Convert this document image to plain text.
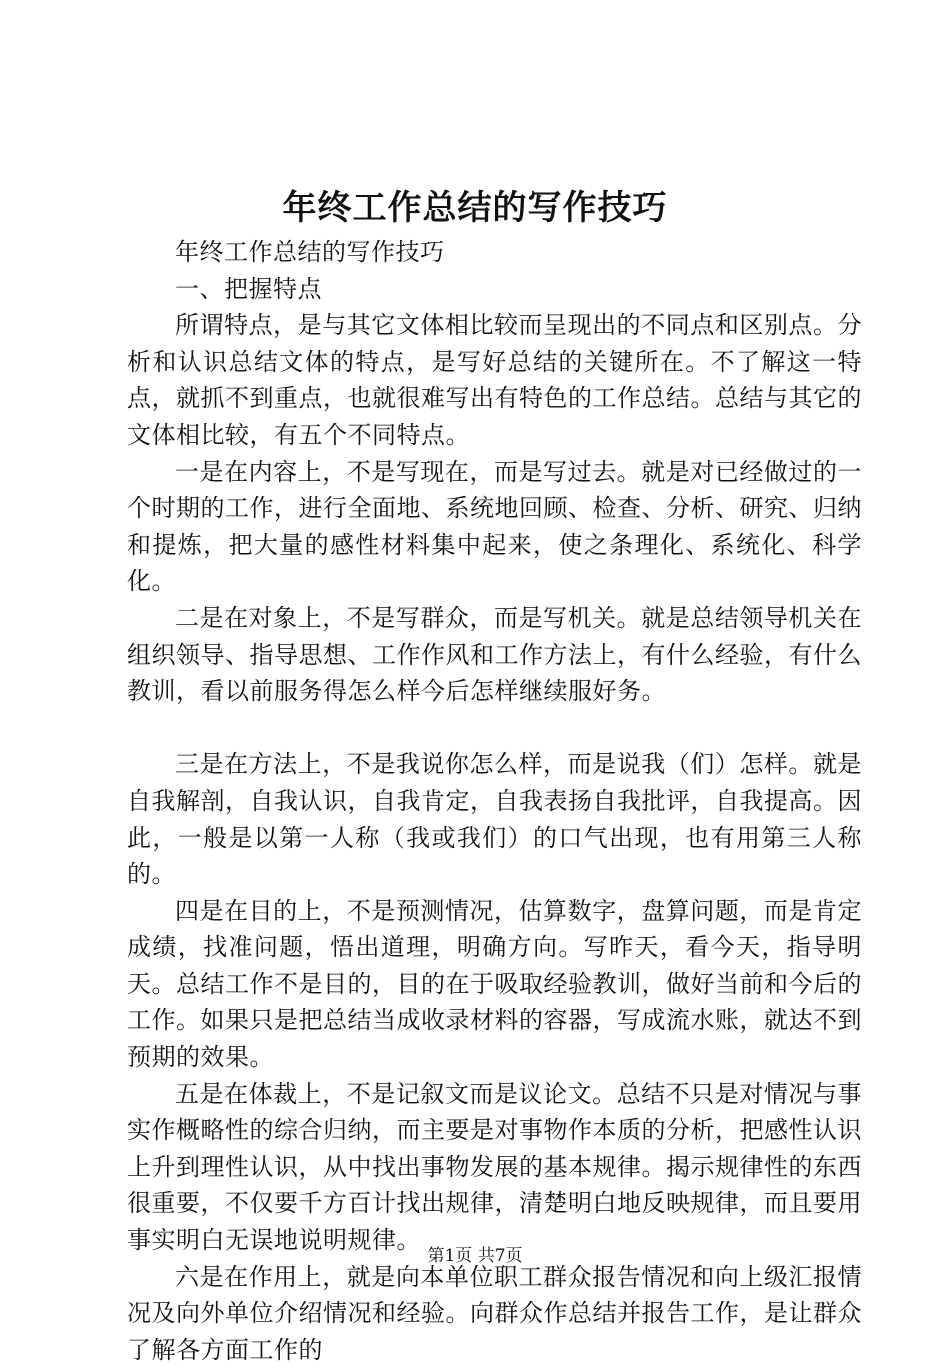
年终工作总结的写作技巧

年终工作总结的写作技巧

一、把握特点

所谓特点，是与其它文体相比较而呈现出的不同点和区别点。分析和认识总结文体的特点，是写好总结的关键所在。不了解这一特点，就抓不到重点，也就很难写出有特色的工作总结。总结与其它的文体相比较，有五个不同特点。

一是在内容上，不是写现在，而是写过去。就是对已经做过的一个时期的工作，进行全面地、系统地回顾、检查、分析、研究、归纳和提炼，把大量的感性材料集中起来，使之条理化、系统化、科学化。

二是在对象上，不是写群众，而是写机关。就是总结领导机关在组织领导、指导思想、工作作风和工作方法上，有什么经验，有什么教训，看以前服务得怎么样今后怎样继续服好务。

三是在方法上，不是我说你怎么样，而是说我（们）怎样。就是自我解剖，自我认识，自我肯定，自我表扬自我批评，自我提高。因此，一般是以第一人称（我或我们）的口气出现，也有用第三人称的。

四是在目的上，不是预测情况，估算数字，盘算问题，而是肯定成绩，找准问题，悟出道理，明确方向。写昨天，看今天，指导明天。总结工作不是目的，目的在于吸取经验教训，做好当前和今后的工作。如果只是把总结当成收录材料的容器，写成流水账，就达不到预期的效果。

五是在体裁上，不是记叙文而是议论文。总结不只是对情况与事实作概略性的综合归纳，而主要是对事物作本质的分析，把感性认识上升到理性认识，从中找出事物发展的基本规律。揭示规律性的东西很重要，不仅要千方百计找出规律，清楚明白地反映规律，而且要用事实明白无误地说明规律。

六是在作用上，就是向本单位职工群众报告情况和向上级汇报情况及向外单位介绍情况和经验。向群众作总结并报告工作，是让群众了解各方面工作的

第1页 共7页
